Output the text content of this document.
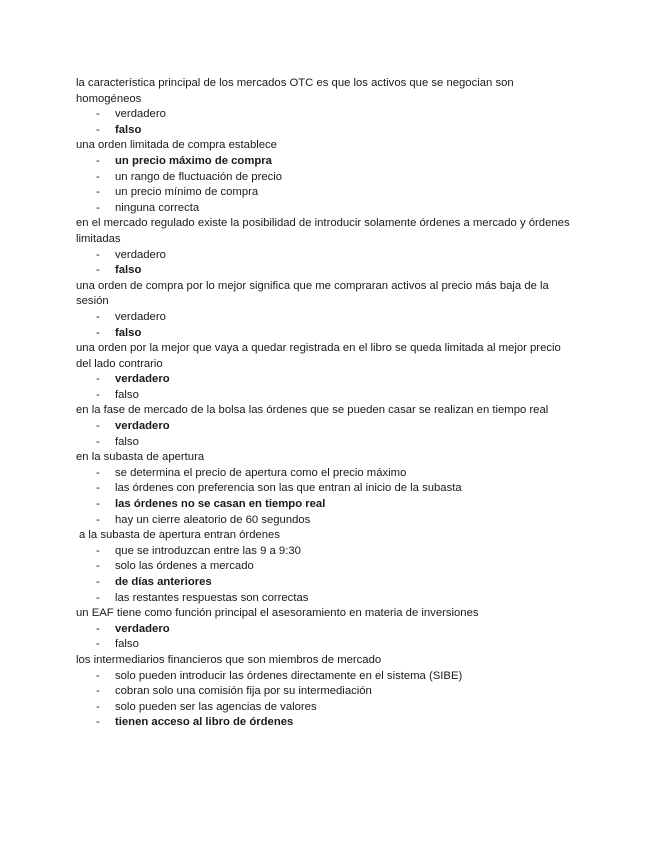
la característica principal de los mercados OTC es que los activos que se negocian son homogéneos

- verdadero
- falso

una orden limitada de compra establece

- un precio máximo de compra
- un rango de fluctuación de precio
- un precio mínimo de compra
- ninguna correcta

en el mercado regulado existe la posibilidad de introducir solamente órdenes a mercado y órdenes limitadas

- verdadero
- falso

una orden de compra por lo mejor significa que me compraran activos al precio más baja de la sesión

- verdadero
- falso

una orden por la mejor que vaya a quedar registrada en el libro se queda limitada al mejor precio del lado contrario

- verdadero
- falso

en la fase de mercado de la bolsa las órdenes que se pueden casar se realizan en tiempo real

- verdadero
- falso

en la subasta de apertura

- se determina el precio de apertura como el precio máximo
- las órdenes con preferencia son las que entran al inicio de la subasta
- las órdenes no se casan en tiempo real
- hay un cierre aleatorio de 60 segundos

a la subasta de apertura entran órdenes

- que se introduzcan entre las 9 a 9:30
- solo las órdenes a mercado
- de días anteriores
- las restantes respuestas son correctas

un EAF tiene como función principal el asesoramiento en materia de inversiones

- verdadero
- falso

los intermediarios financieros que son miembros de mercado

- solo pueden introducir las órdenes directamente en el sistema (SIBE)
- cobran solo una comisión fija por su intermediación
- solo pueden ser las agencias de valores
- tienen acceso al libro de órdenes
